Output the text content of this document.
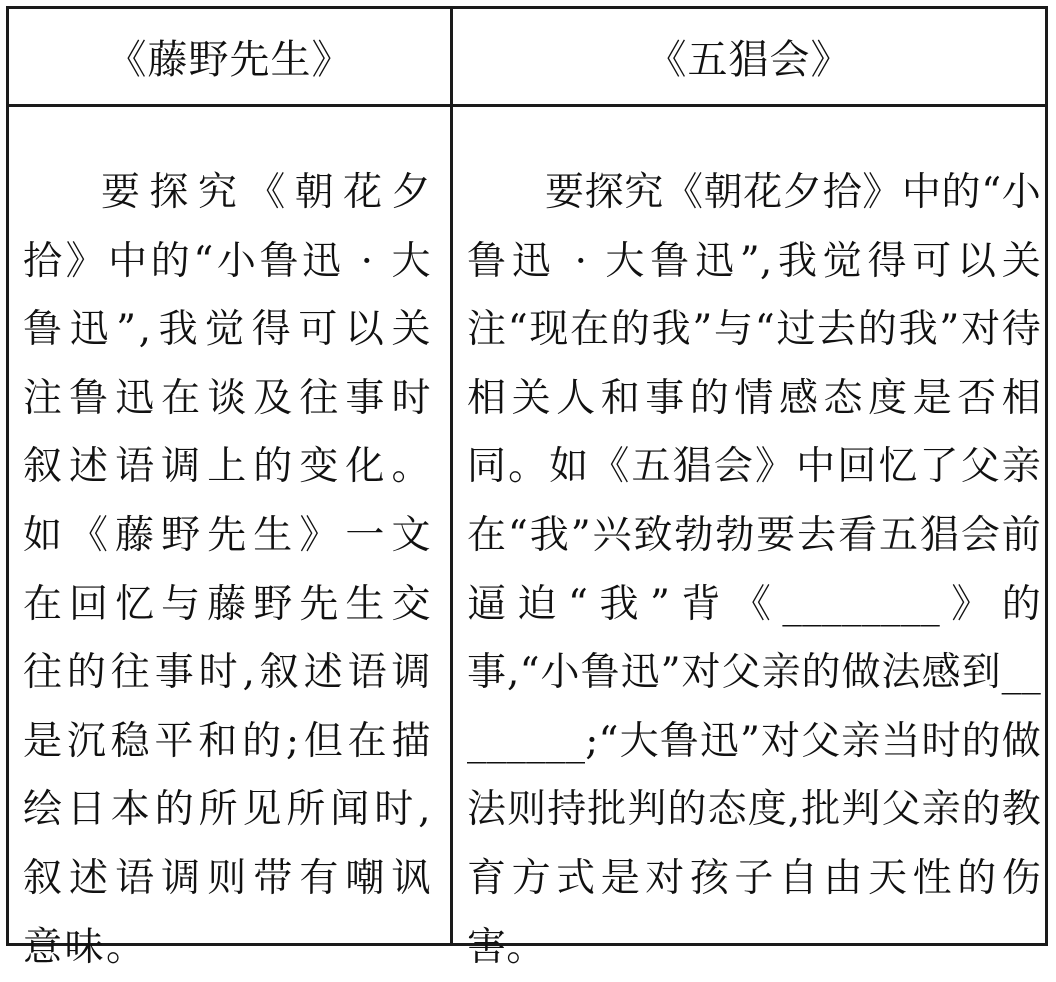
《藤野先生》	《五猖会》

要探究《朝花夕拾》中的“小鲁迅 · 大鲁迅”,我觉得可以关注鲁迅在谈及往事时叙述语调上的变化。如《藤野先生》一文在回忆与藤野先生交往的往事时,叙述语调是沉稳平和的;但在描绘日本的所见所闻时,叙述语调则带有嘲讽意味。

要探究《朝花夕拾》中的“小鲁迅 · 大鲁迅”,我觉得可以关注“现在的我”与“过去的我”对待相关人和事的情感态度是否相同。如《五猖会》中回忆了父亲在“我”兴致勃勃要去看五猖会前逼迫“我”背《________》的事,“小鲁迅”对父亲的做法感到________;“大鲁迅”对父亲当时的做法则持批判的态度,批判父亲的教育方式是对孩子自由天性的伤害。
